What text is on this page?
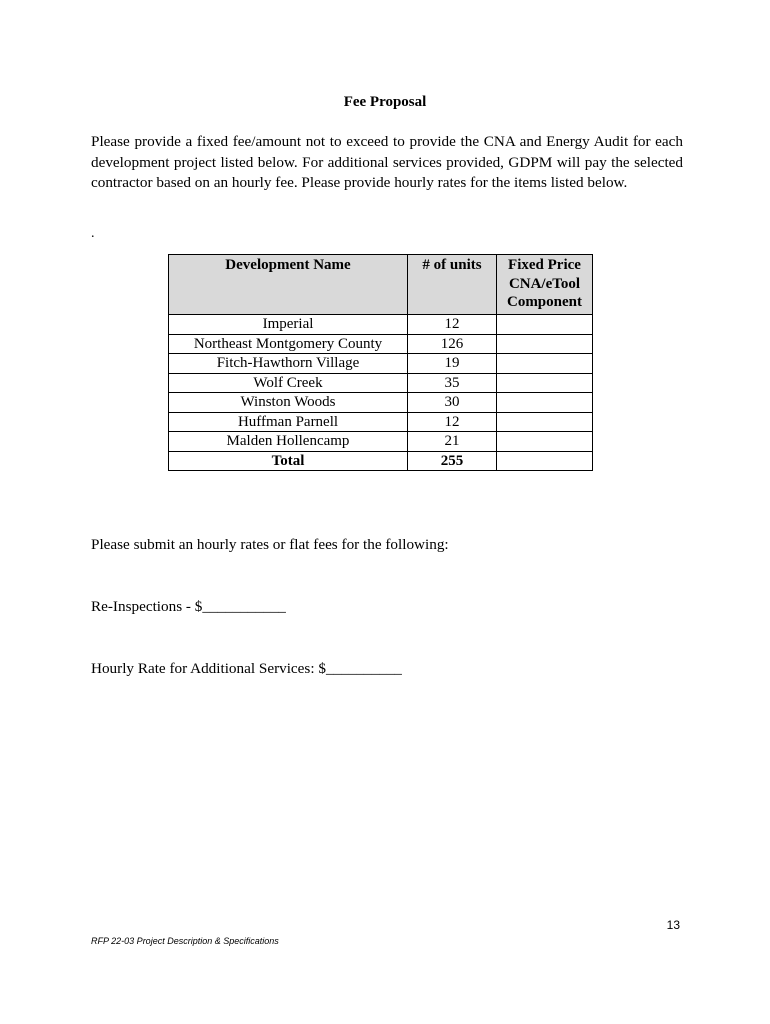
Fee Proposal
Please provide a fixed fee/amount not to exceed to provide the CNA and Energy Audit for each development project listed below. For additional services provided, GDPM will pay the selected contractor based on an hourly fee. Please provide hourly rates for the items listed below.
.
Development Name	# of units	Fixed Price
CNA/eTool
Component
Imperial	12	
Northeast Montgomery County	126	
Fitch-Hawthorn Village	19	
Wolf Creek	35	
Winston Woods	30	
Huffman Parnell	12	
Malden Hollencamp	21	
Total	255	
Please submit an hourly rates or flat fees for the following:
Re-Inspections - $___________
Hourly Rate for Additional Services: $__________
13
RFP 22-03 Project Description & Specifications
